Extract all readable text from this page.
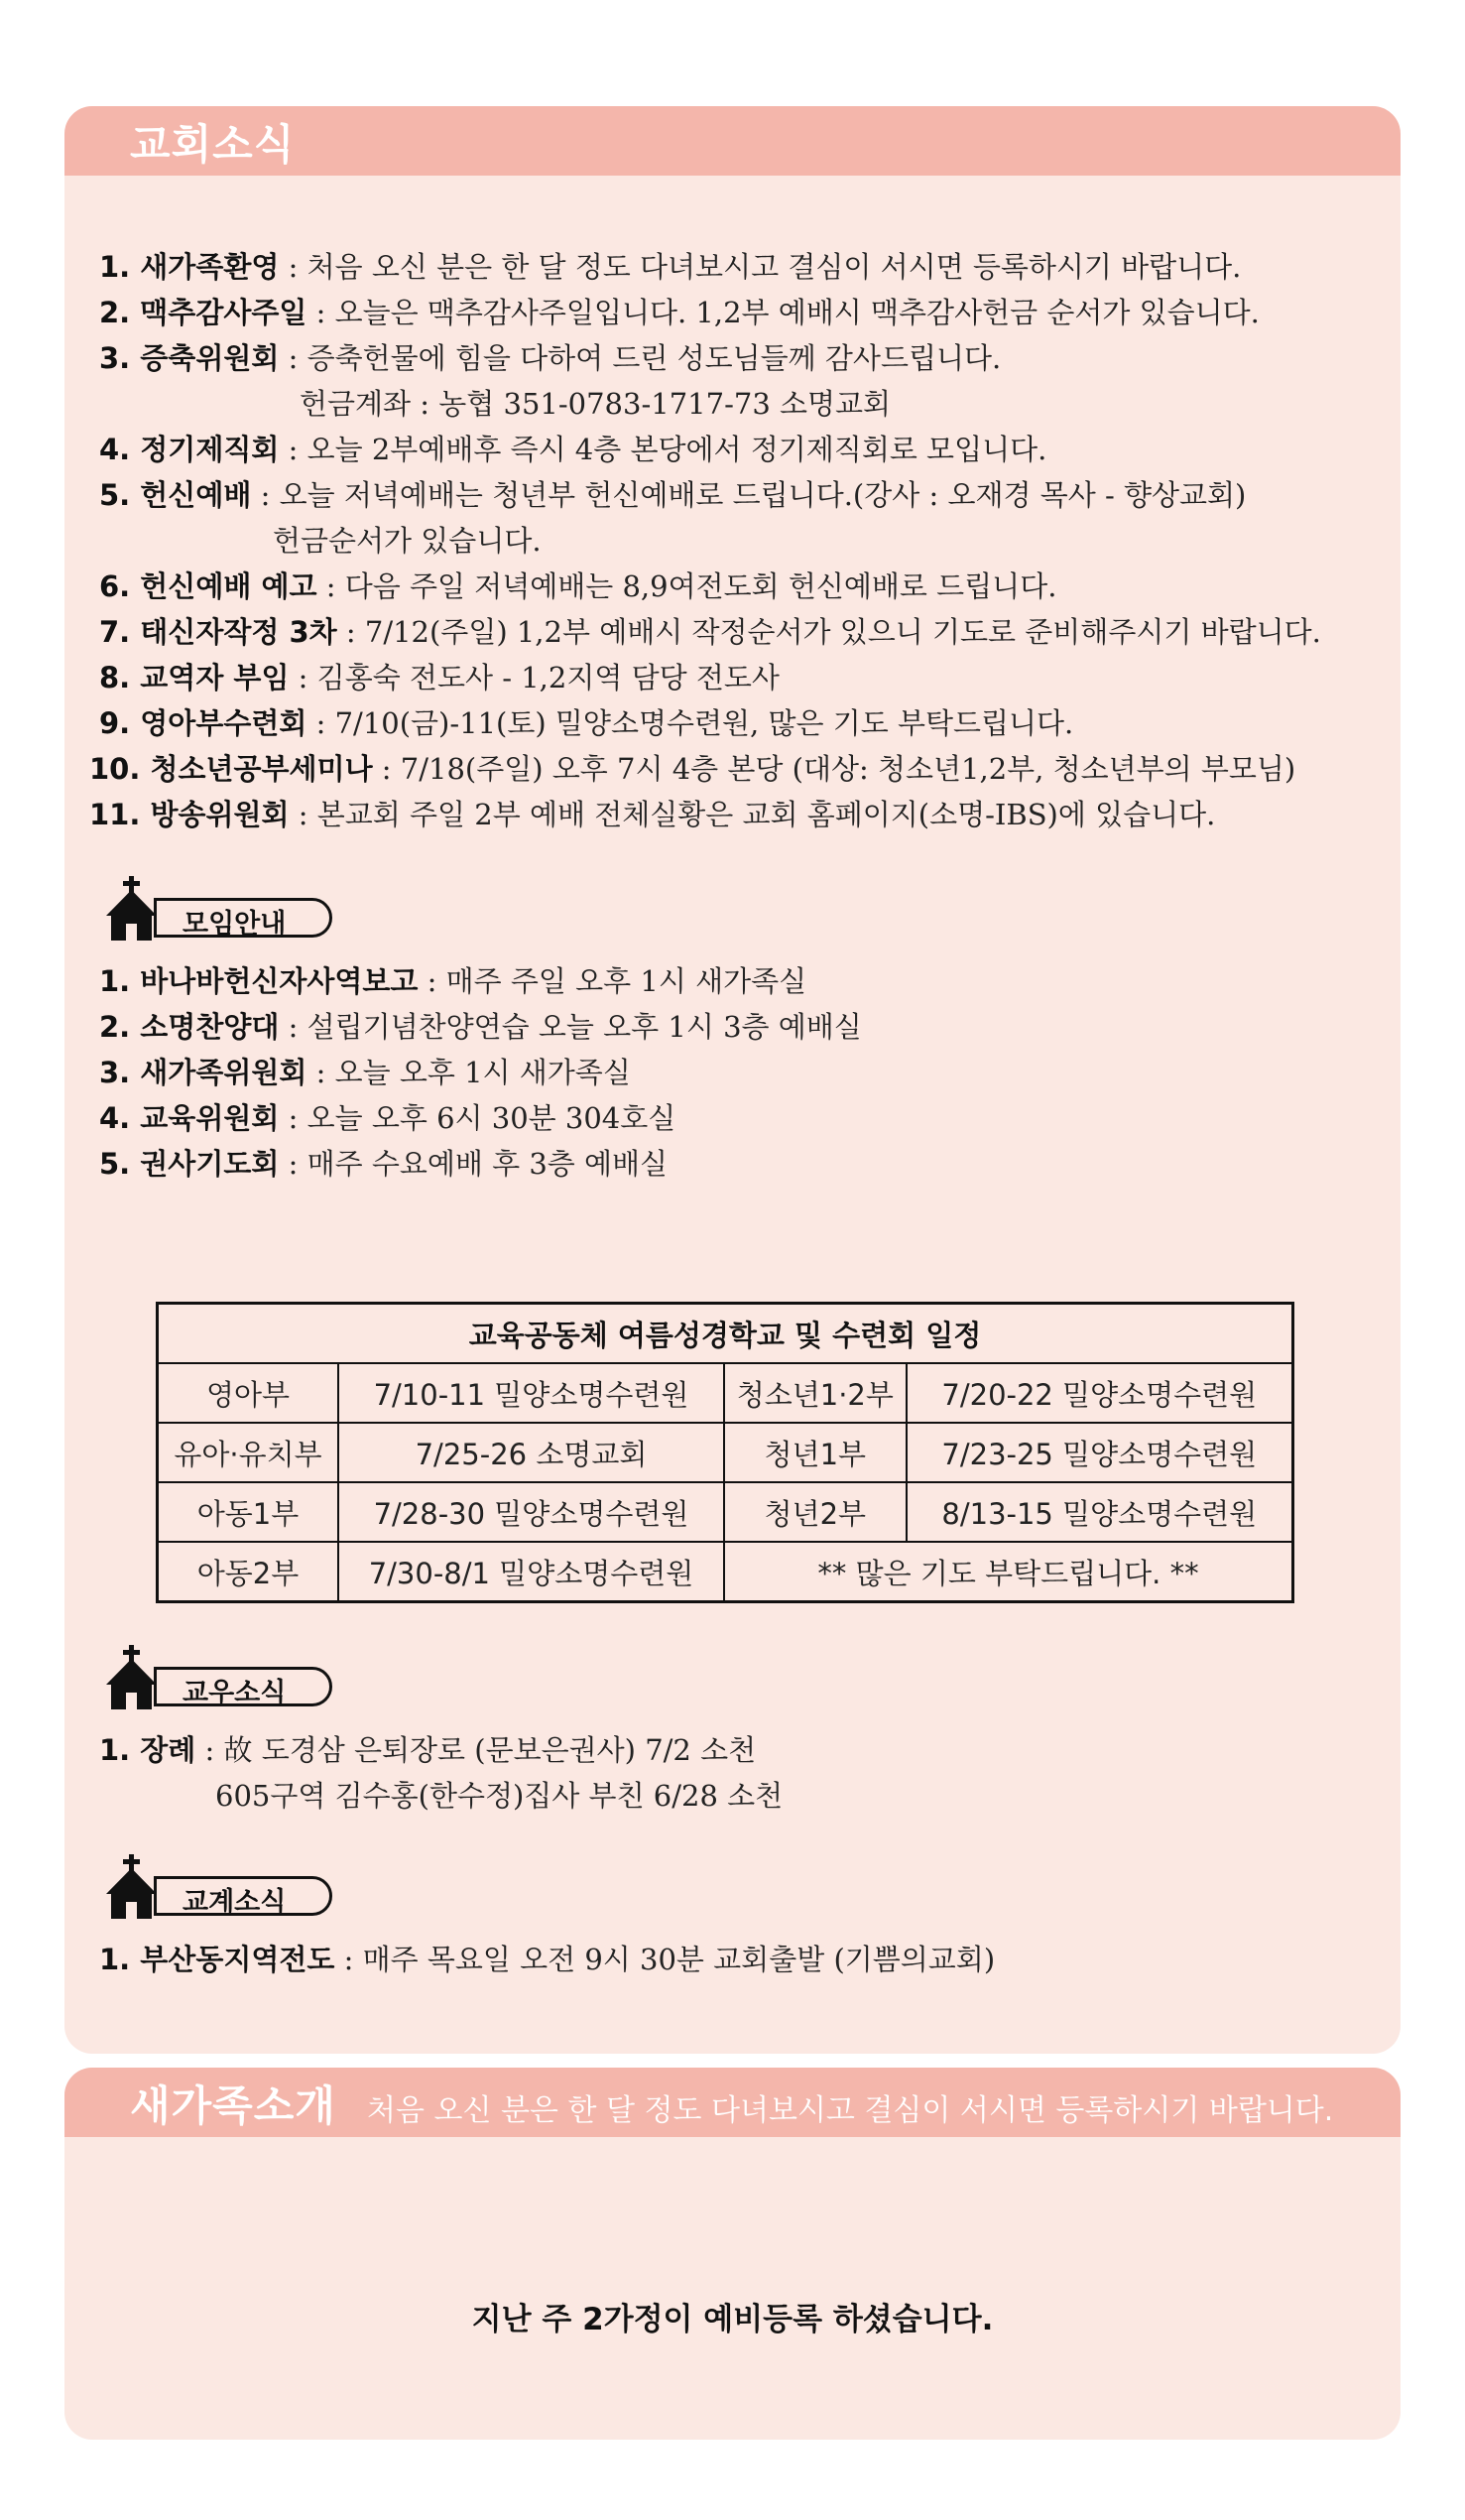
교회소식
1. 새가족환영 : 처음 오신 분은 한 달 정도 다녀보시고 결심이 서시면 등록하시기 바랍니다.
2. 맥추감사주일 : 오늘은 맥추감사주일입니다. 1,2부 예배시 맥추감사헌금 순서가 있습니다.
3. 증축위원회 : 증축헌물에 힘을 다하여 드린 성도님들께 감사드립니다.
헌금계좌 : 농협 351-0783-1717-73 소명교회
4. 정기제직회 : 오늘 2부예배후 즉시 4층 본당에서 정기제직회로 모입니다.
5. 헌신예배 : 오늘 저녁예배는 청년부 헌신예배로 드립니다.(강사 : 오재경 목사 - 향상교회)
헌금순서가 있습니다.
6. 헌신예배 예고 : 다음 주일 저녁예배는 8,9여전도회 헌신예배로 드립니다.
7. 태신자작정 3차 : 7/12(주일) 1,2부 예배시 작정순서가 있으니 기도로 준비해주시기 바랍니다.
8. 교역자 부임 : 김홍숙 전도사 - 1,2지역 담당 전도사
9. 영아부수련회 : 7/10(금)-11(토) 밀양소명수련원, 많은 기도 부탁드립니다.
10. 청소년공부세미나 : 7/18(주일) 오후 7시 4층 본당 (대상: 청소년1,2부, 청소년부의 부모님)
11. 방송위원회 : 본교회 주일 2부 예배 전체실황은 교회 홈페이지(소명-IBS)에 있습니다.
모임안내
1. 바나바헌신자사역보고 : 매주 주일 오후 1시 새가족실
2. 소명찬양대 : 설립기념찬양연습 오늘 오후 1시 3층 예배실
3. 새가족위원회 : 오늘 오후 1시 새가족실
4. 교육위원회 : 오늘 오후 6시 30분 304호실
5. 권사기도회 : 매주 수요예배 후 3층 예배실
교육공동체 여름성경학교 및 수련회 일정			
영아부	7/10-11 밀양소명수련원	청소년1·2부	7/20-22 밀양소명수련원
유아·유치부	7/25-26 소명교회	청년1부	7/23-25 밀양소명수련원
아동1부	7/28-30 밀양소명수련원	청년2부	8/13-15 밀양소명수련원
아동2부	7/30-8/1 밀양소명수련원	** 많은 기도 부탁드립니다. **	
교우소식
1. 장례 : 故 도경삼 은퇴장로 (문보은권사) 7/2 소천
605구역 김수홍(한수정)집사 부친 6/28 소천
교계소식
1. 부산동지역전도 : 매주 목요일 오전 9시 30분 교회출발 (기쁨의교회)
새가족소개 처음 오신 분은 한 달 정도 다녀보시고 결심이 서시면 등록하시기 바랍니다.
지난 주 2가정이 예비등록 하셨습니다.
